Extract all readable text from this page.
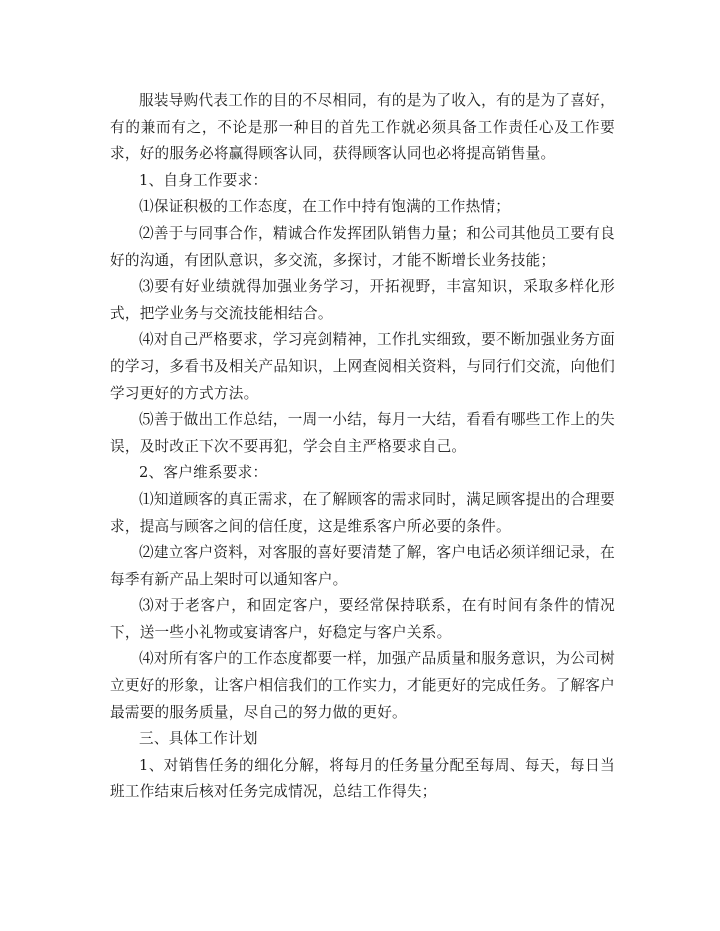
服装导购代表工作的目的不尽相同，有的是为了收入，有的是为了喜好，有的兼而有之，不论是那一种目的首先工作就必须具备工作责任心及工作要求，好的服务必将赢得顾客认同，获得顾客认同也必将提高销售量。

1、自身工作要求：

⑴保证积极的工作态度，在工作中持有饱满的工作热情；

⑵善于与同事合作，精诚合作发挥团队销售力量；和公司其他员工要有良好的沟通，有团队意识，多交流，多探讨，才能不断增长业务技能；

⑶要有好业绩就得加强业务学习，开拓视野，丰富知识，采取多样化形式，把学业务与交流技能相结合。

⑷对自己严格要求，学习亮剑精神，工作扎实细致，要不断加强业务方面的学习，多看书及相关产品知识，上网查阅相关资料，与同行们交流，向他们学习更好的方式方法。

⑸善于做出工作总结，一周一小结，每月一大结，看看有哪些工作上的失误，及时改正下次不要再犯，学会自主严格要求自己。

2、客户维系要求：

⑴知道顾客的真正需求，在了解顾客的需求同时，满足顾客提出的合理要求，提高与顾客之间的信任度，这是维系客户所必要的条件。

⑵建立客户资料，对客服的喜好要清楚了解，客户电话必须详细记录，在每季有新产品上架时可以通知客户。

⑶对于老客户，和固定客户，要经常保持联系，在有时间有条件的情况下，送一些小礼物或宴请客户，好稳定与客户关系。

⑷对所有客户的工作态度都要一样，加强产品质量和服务意识，为公司树立更好的形象，让客户相信我们的工作实力，才能更好的完成任务。了解客户最需要的服务质量，尽自己的努力做的更好。

三、具体工作计划

1、对销售任务的细化分解，将每月的任务量分配至每周、每天，每日当班工作结束后核对任务完成情况，总结工作得失；
